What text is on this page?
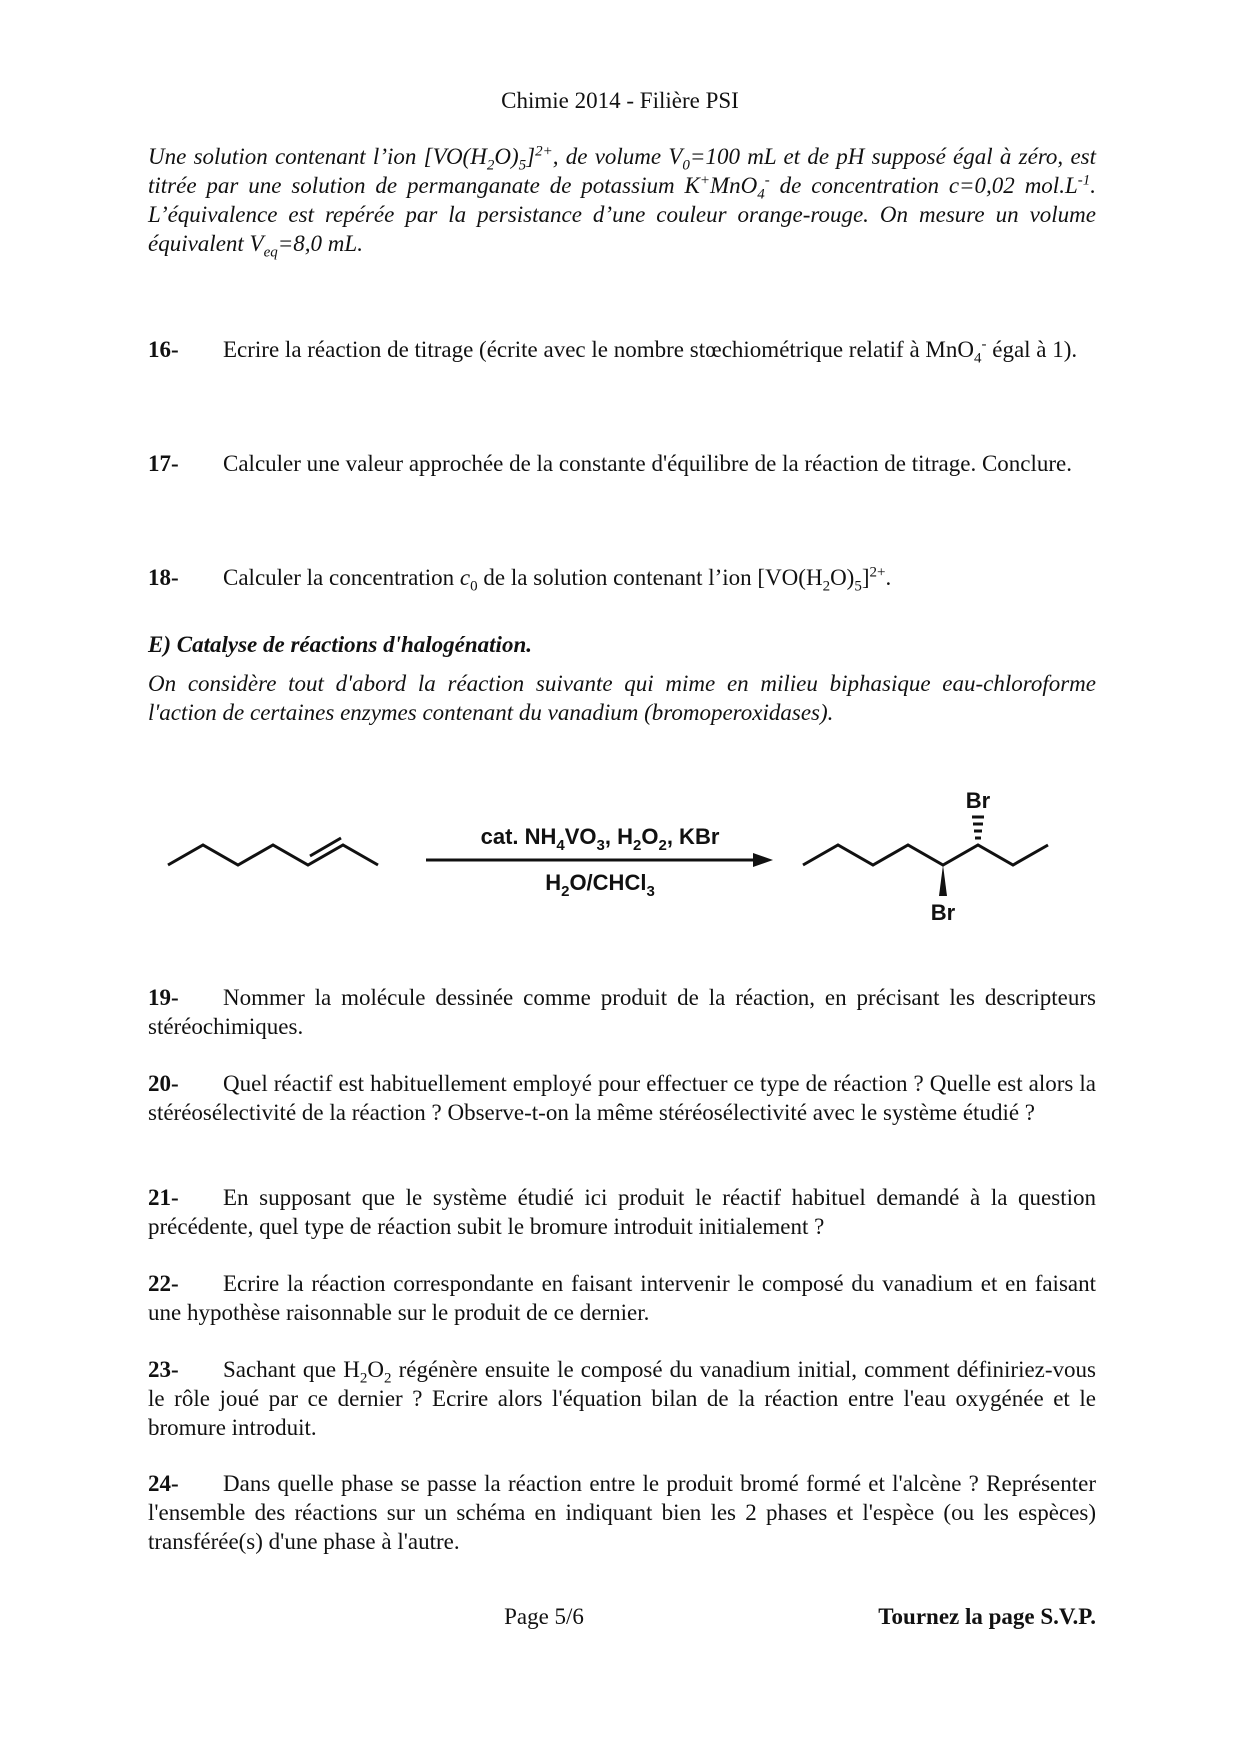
Chimie 2014 - Filière PSI
Une solution contenant l’ion $[VO(H_2O)_5]^{2+}$, de volume $V_0=100$ mL et de pH supposé égal à zéro, est titrée par une solution de permanganate de potassium K+MnO$_4$- de concentration c=0,02 $mol.L^{-1}$. L’équivalence est repérée par la persistance d’une couleur orange-rouge. On mesure un volume équivalent $V_{eq}=8,0$ mL.
16- Ecrire la réaction de titrage (écrite avec le nombre stœchiométrique relatif à MnO$_4$- égal à 1).
17- Calculer une valeur approchée de la constante d'équilibre de la réaction de titrage. Conclure.
18- Calculer la concentration $c_0$ de la solution contenant l’ion $[VO(H_2O)_5]^{2+}$.
E) Catalyse de réactions d'halogénation.
On considère tout d'abord la réaction suivante qui mime en milieu biphasique eau-chloroforme l'action de certaines enzymes contenant du vanadium (bromoperoxidases).
cat. $NH_4VO_3$, $H_2O_2$, KBr
$H_2O/CHCl_3$
Br
Br
19- Nommer la molécule dessinée comme produit de la réaction, en précisant les descripteurs stéréochimiques.
20- Quel réactif est habituellement employé pour effectuer ce type de réaction ? Quelle est alors la stéréosélectivité de la réaction ? Observe-t-on la même stéréosélectivité avec le système étudié ?
21- En supposant que le système étudié ici produit le réactif habituel demandé à la question précédente, quel type de réaction subit le bromure introduit initialement ?
22- Ecrire la réaction correspondante en faisant intervenir le composé du vanadium et en faisant une hypothèse raisonnable sur le produit de ce dernier.
23- Sachant que $H_2O_2$ régénère ensuite le composé du vanadium initial, comment définiriez-vous le rôle joué par ce dernier ? Ecrire alors l'équation bilan de la réaction entre l'eau oxygénée et le bromure introduit.
24- Dans quelle phase se passe la réaction entre le produit bromé formé et l'alcène ? Représenter l'ensemble des réactions sur un schéma en indiquant bien les 2 phases et l'espèce (ou les espèces) transférée(s) d'une phase à l'autre.
Page 5/6	Tournez la page S.V.P.
